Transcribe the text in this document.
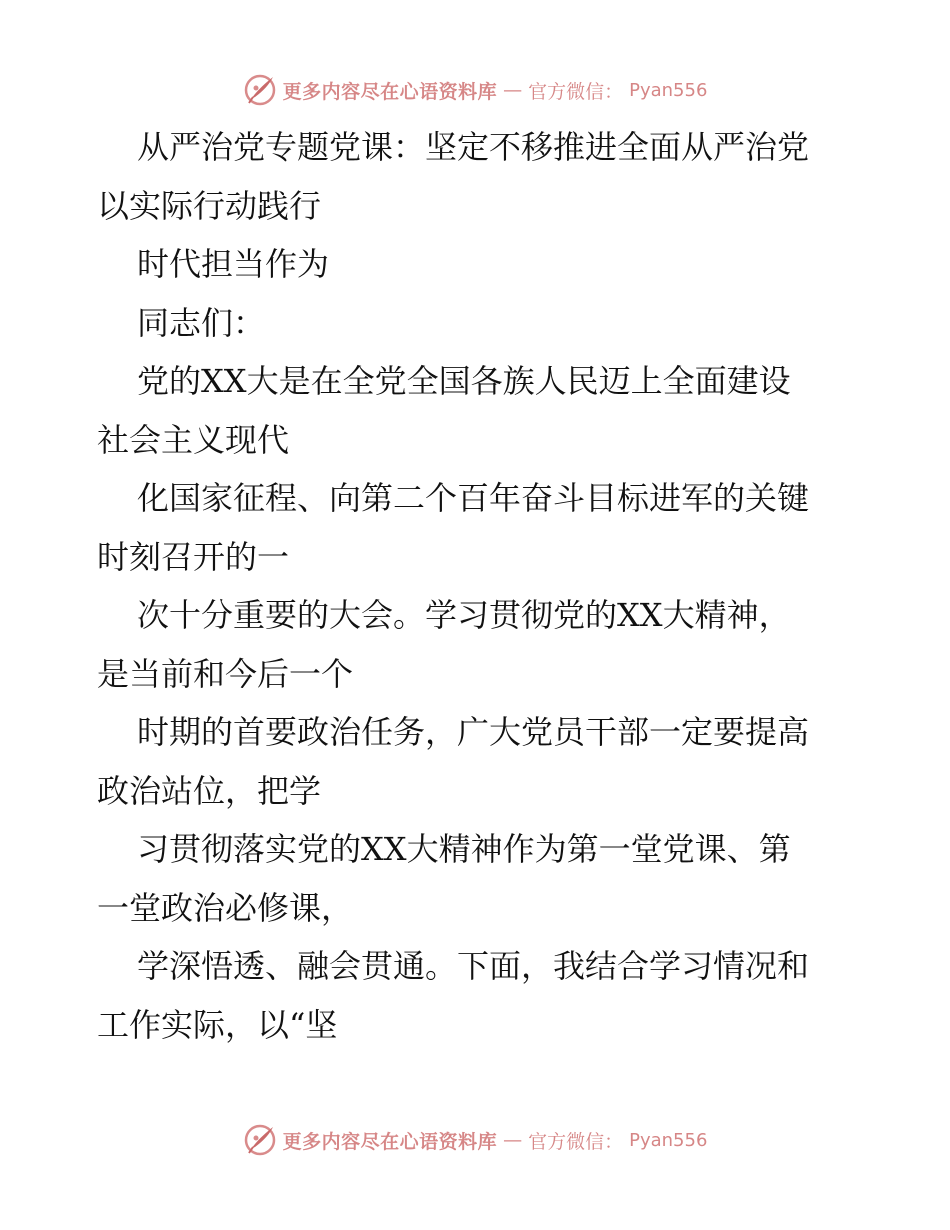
更多内容尽在心语资料库 — 官方微信： Pyan556
从严治党专题党课：坚定不移推进全面从严治党
以实际行动践行
时代担当作为
同志们：
党的XX大是在全党全国各族人民迈上全面建设
社会主义现代
化国家征程、向第二个百年奋斗目标进军的关键
时刻召开的一
次十分重要的大会。学习贯彻党的XX大精神，
是当前和今后一个
时期的首要政治任务，广大党员干部一定要提高
政治站位，把学
习贯彻落实党的XX大精神作为第一堂党课、第
一堂政治必修课，
学深悟透、融会贯通。下面，我结合学习情况和
工作实际，以“坚
更多内容尽在心语资料库 — 官方微信： Pyan556
